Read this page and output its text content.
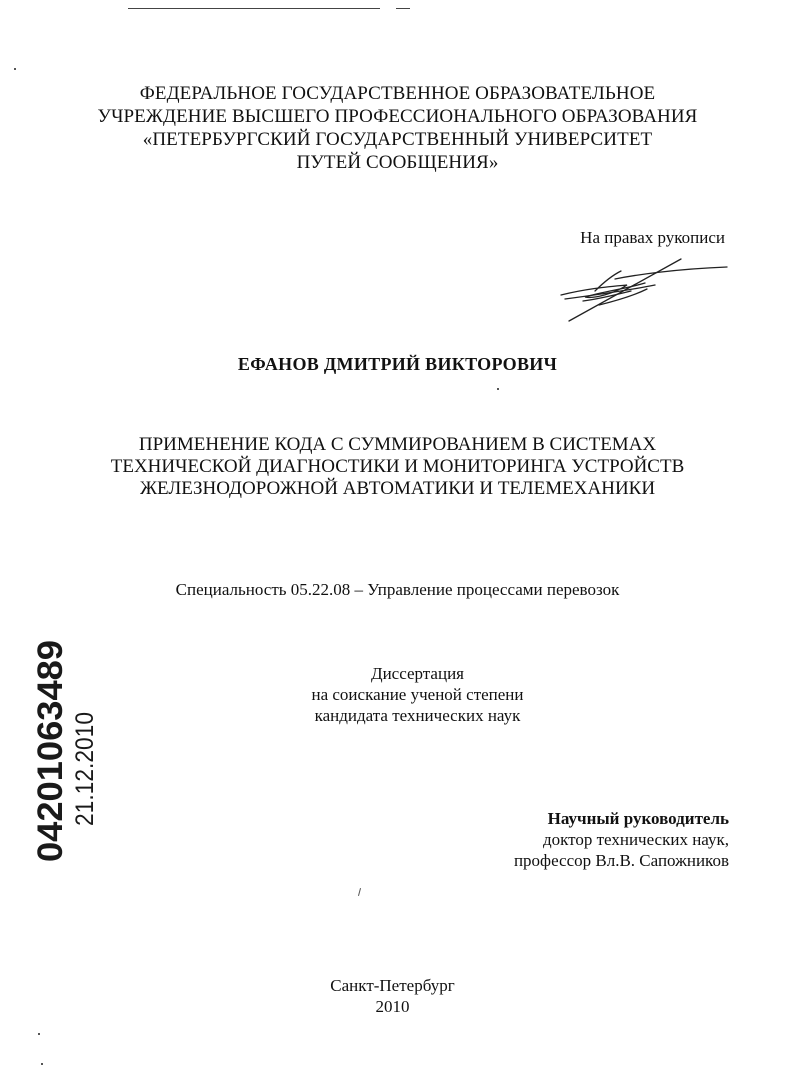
ФЕДЕРАЛЬНОЕ ГОСУДАРСТВЕННОЕ ОБРАЗОВАТЕЛЬНОЕ
УЧРЕЖДЕНИЕ ВЫСШЕГО ПРОФЕССИОНАЛЬНОГО ОБРАЗОВАНИЯ
«ПЕТЕРБУРГСКИЙ ГОСУДАРСТВЕННЫЙ УНИВЕРСИТЕТ
ПУТЕЙ СООБЩЕНИЯ»
На правах рукописи
ЕФАНОВ ДМИТРИЙ ВИКТОРОВИЧ
ПРИМЕНЕНИЕ КОДА С СУММИРОВАНИЕМ В СИСТЕМАХ
ТЕХНИЧЕСКОЙ ДИАГНОСТИКИ И МОНИТОРИНГА УСТРОЙСТВ
ЖЕЛЕЗНОДОРОЖНОЙ АВТОМАТИКИ И ТЕЛЕМЕХАНИКИ
Специальность 05.22.08 – Управление процессами перевозок
Диссертация
на соискание ученой степени
кандидата технических наук
Научный руководитель
доктор технических наук,
профессор Вл.В. Сапожников
Санкт-Петербург
2010
04201063489 21.12.2010
